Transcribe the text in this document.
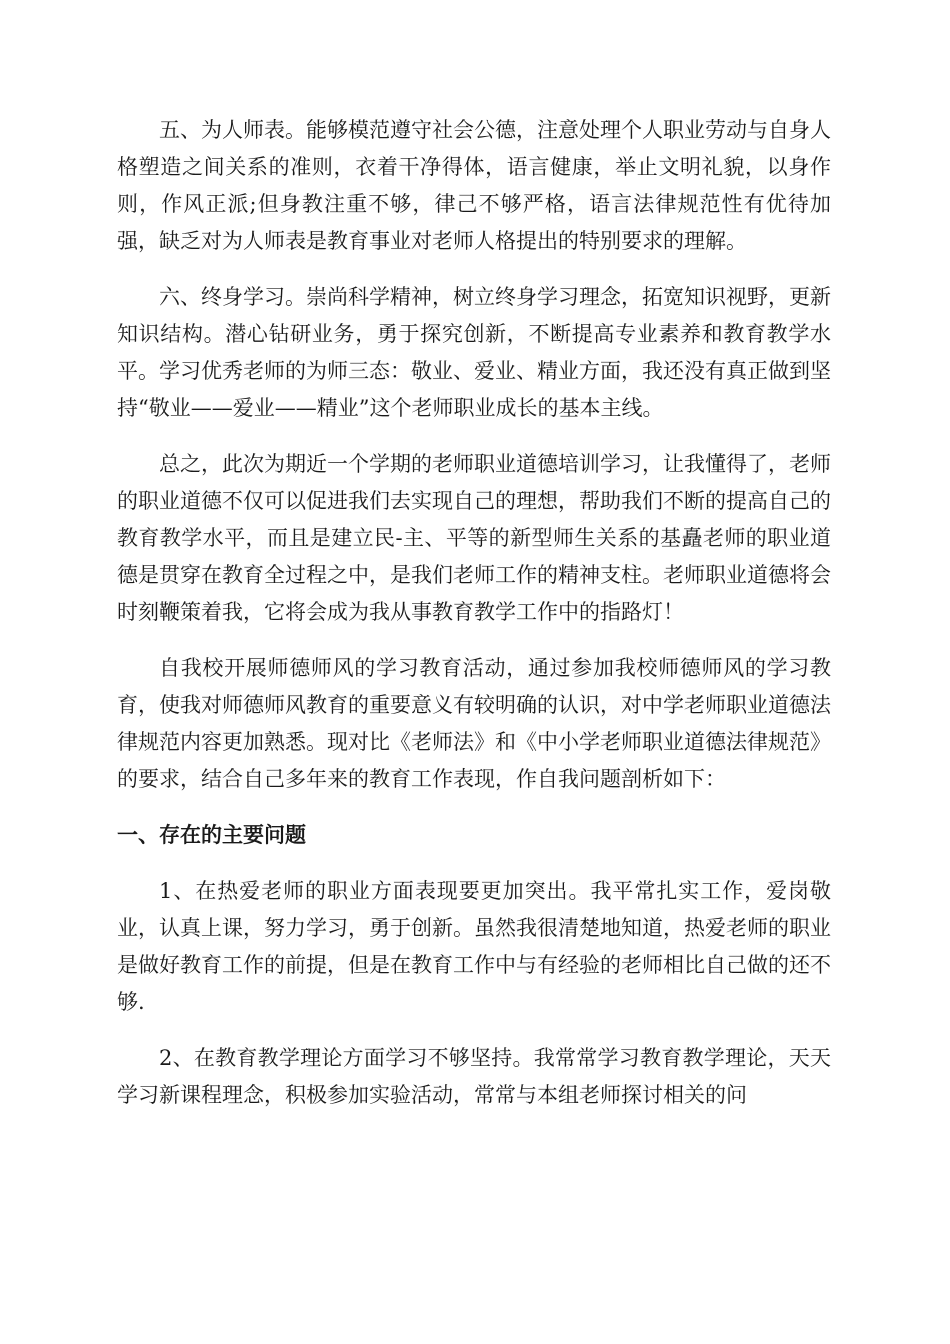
五、为人师表。能够模范遵守社会公德，注意处理个人职业劳动与自身人格塑造之间关系的准则，衣着干净得体，语言健康，举止文明礼貌，以身作则，作风正派;但身教注重不够，律己不够严格，语言法律规范性有优待加强，缺乏对为人师表是教育事业对老师人格提出的特别要求的理解。

六、终身学习。崇尚科学精神，树立终身学习理念，拓宽知识视野，更新知识结构。潜心钻研业务，勇于探究创新，不断提高专业素养和教育教学水平。学习优秀老师的为师三态：敬业、爱业、精业方面，我还没有真正做到坚持“敬业——爱业——精业”这个老师职业成长的基本主线。

总之，此次为期近一个学期的老师职业道德培训学习，让我懂得了，老师的职业道德不仅可以促进我们去实现自己的理想，帮助我们不断的提高自己的教育教学水平，而且是建立民-主、平等的新型师生关系的基矗老师的职业道德是贯穿在教育全过程之中，是我们老师工作的精神支柱。老师职业道德将会时刻鞭策着我，它将会成为我从事教育教学工作中的指路灯！

自我校开展师德师风的学习教育活动，通过参加我校师德师风的学习教育，使我对师德师风教育的重要意义有较明确的认识，对中学老师职业道德法律规范内容更加熟悉。现对比《老师法》和《中小学老师职业道德法律规范》的要求，结合自己多年来的教育工作表现，作自我问题剖析如下：

一、存在的主要问题

1、在热爱老师的职业方面表现要更加突出。我平常扎实工作，爱岗敬业，认真上课，努力学习，勇于创新。虽然我很清楚地知道，热爱老师的职业是做好教育工作的前提，但是在教育工作中与有经验的老师相比自己做的还不够.

2、在教育教学理论方面学习不够坚持。我常常学习教育教学理论，天天学习新课程理念，积极参加实验活动，常常与本组老师探讨相关的问
